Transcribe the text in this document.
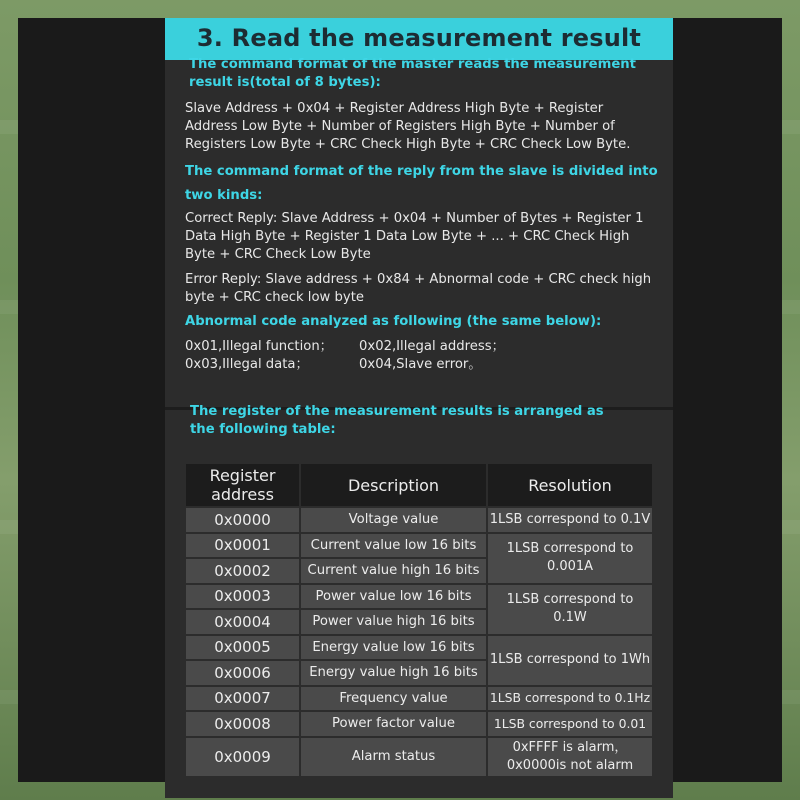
3. Read the measurement result
The command format of the master reads the measurement result is(total of 8 bytes):
Slave Address + 0x04 + Register Address High Byte + Register Address Low Byte + Number of Registers High Byte + Number of Registers Low Byte + CRC Check High Byte + CRC Check Low Byte.
The command format of the reply from the slave is divided into two kinds:
Correct Reply: Slave Address + 0x04 + Number of Bytes + Register 1 Data High Byte + Register 1 Data Low Byte + ... + CRC Check High Byte + CRC Check Low Byte
Error Reply: Slave address + 0x84 + Abnormal code + CRC check high byte + CRC check low byte
Abnormal code analyzed as following (the same below):
0x01,Illegal function； 0x02,Illegal address；
0x03,Illegal data；	0x04,Slave error。
The register of the measurement results is arranged as the following table:
Register address	Description	Resolution
0x0000	Voltage value	1LSB correspond to 0.1V
0x0001	Current value low 16 bits	1LSB correspond to 0.001A
0x0002	Current value high 16 bits	
0x0003	Power value low 16 bits	1LSB correspond to 0.1W
0x0004	Power value high 16 bits	
0x0005	Energy value low 16 bits	1LSB correspond to 1Wh
0x0006	Energy value high 16 bits	
0x0007	Frequency value	1LSB correspond to 0.1Hz
0x0008	Power factor value	1LSB correspond to 0.01
0x0009	Alarm status	0xFFFF is alarm， 0x0000is not alarm
